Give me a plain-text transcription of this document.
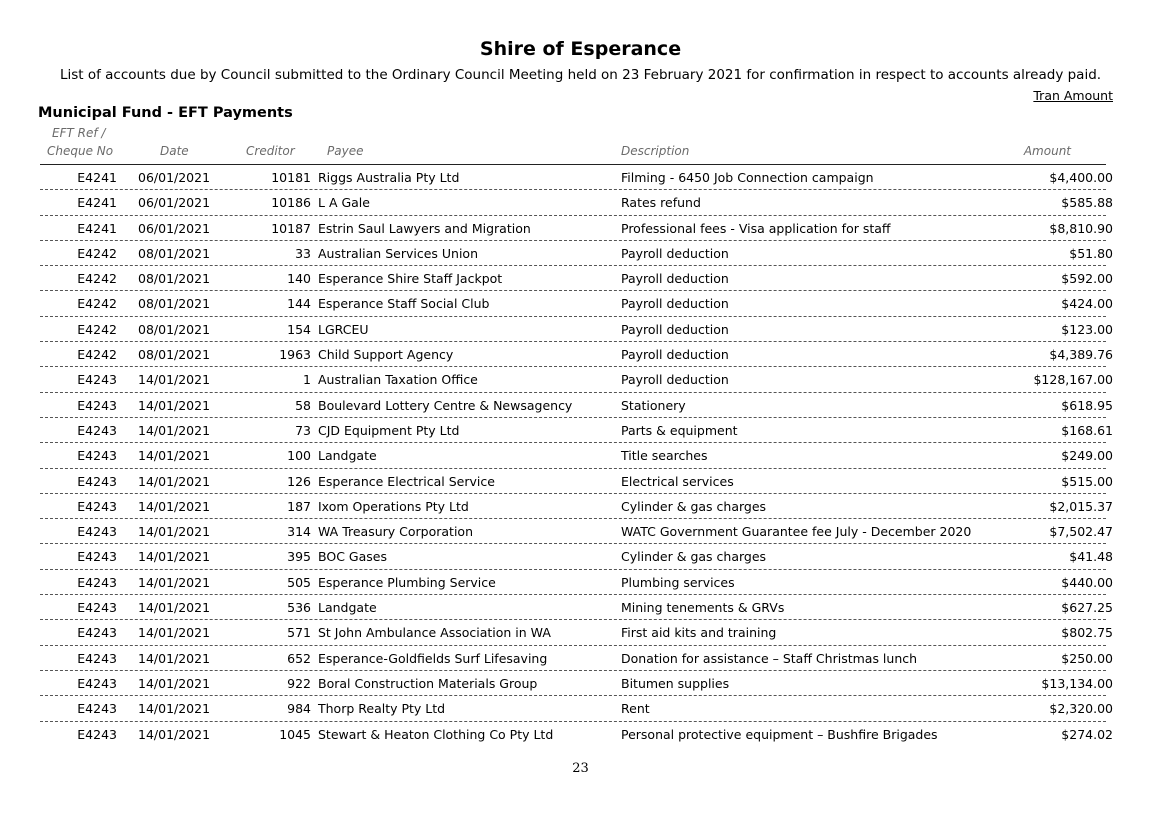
Shire of Esperance
List of accounts due by Council submitted to the Ordinary Council Meeting held on 23 February 2021 for confirmation in respect to accounts already paid.
Tran Amount
Municipal Fund - EFT Payments
EFT Ref /
Cheque No	Date	Creditor	Payee	Description	Amount
E4241 06/01/2021	10181 Riggs Australia Pty Ltd	Filming - 6450 Job Connection campaign	$4,400.00
E4241 06/01/2021	10186 L A Gale	Rates refund	$585.88
E4241 06/01/2021	10187 Estrin Saul Lawyers and Migration	Professional fees - Visa application for staff	$8,810.90
E4242 08/01/2021	33 Australian Services Union	Payroll deduction	$51.80
E4242 08/01/2021	140 Esperance Shire Staff Jackpot	Payroll deduction	$592.00
E4242 08/01/2021	144 Esperance Staff Social Club	Payroll deduction	$424.00
E4242 08/01/2021	154 LGRCEU	Payroll deduction	$123.00
E4242 08/01/2021	1963 Child Support Agency	Payroll deduction	$4,389.76
E4243 14/01/2021	1 Australian Taxation Office	Payroll deduction	$128,167.00
E4243 14/01/2021	58 Boulevard Lottery Centre & Newsagency	Stationery	$618.95
E4243 14/01/2021	73 CJD Equipment Pty Ltd	Parts & equipment	$168.61
E4243 14/01/2021	100 Landgate	Title searches	$249.00
E4243 14/01/2021	126 Esperance Electrical Service	Electrical services	$515.00
E4243 14/01/2021	187 Ixom Operations Pty Ltd	Cylinder & gas charges	$2,015.37
E4243 14/01/2021	314 WA Treasury Corporation	WATC Government Guarantee fee July - December 2020	$7,502.47
E4243 14/01/2021	395 BOC Gases	Cylinder & gas charges	$41.48
E4243 14/01/2021	505 Esperance Plumbing Service	Plumbing services	$440.00
E4243 14/01/2021	536 Landgate	Mining tenements & GRVs	$627.25
E4243 14/01/2021	571 St John Ambulance Association in WA	First aid kits and training	$802.75
E4243 14/01/2021	652 Esperance-Goldfields Surf Lifesaving	Donation for assistance – Staff Christmas lunch	$250.00
E4243 14/01/2021	922 Boral Construction Materials Group	Bitumen supplies	$13,134.00
E4243 14/01/2021	984 Thorp Realty Pty Ltd	Rent	$2,320.00
E4243 14/01/2021	1045 Stewart & Heaton Clothing Co Pty Ltd	Personal protective equipment – Bushfire Brigades	$274.02
23
